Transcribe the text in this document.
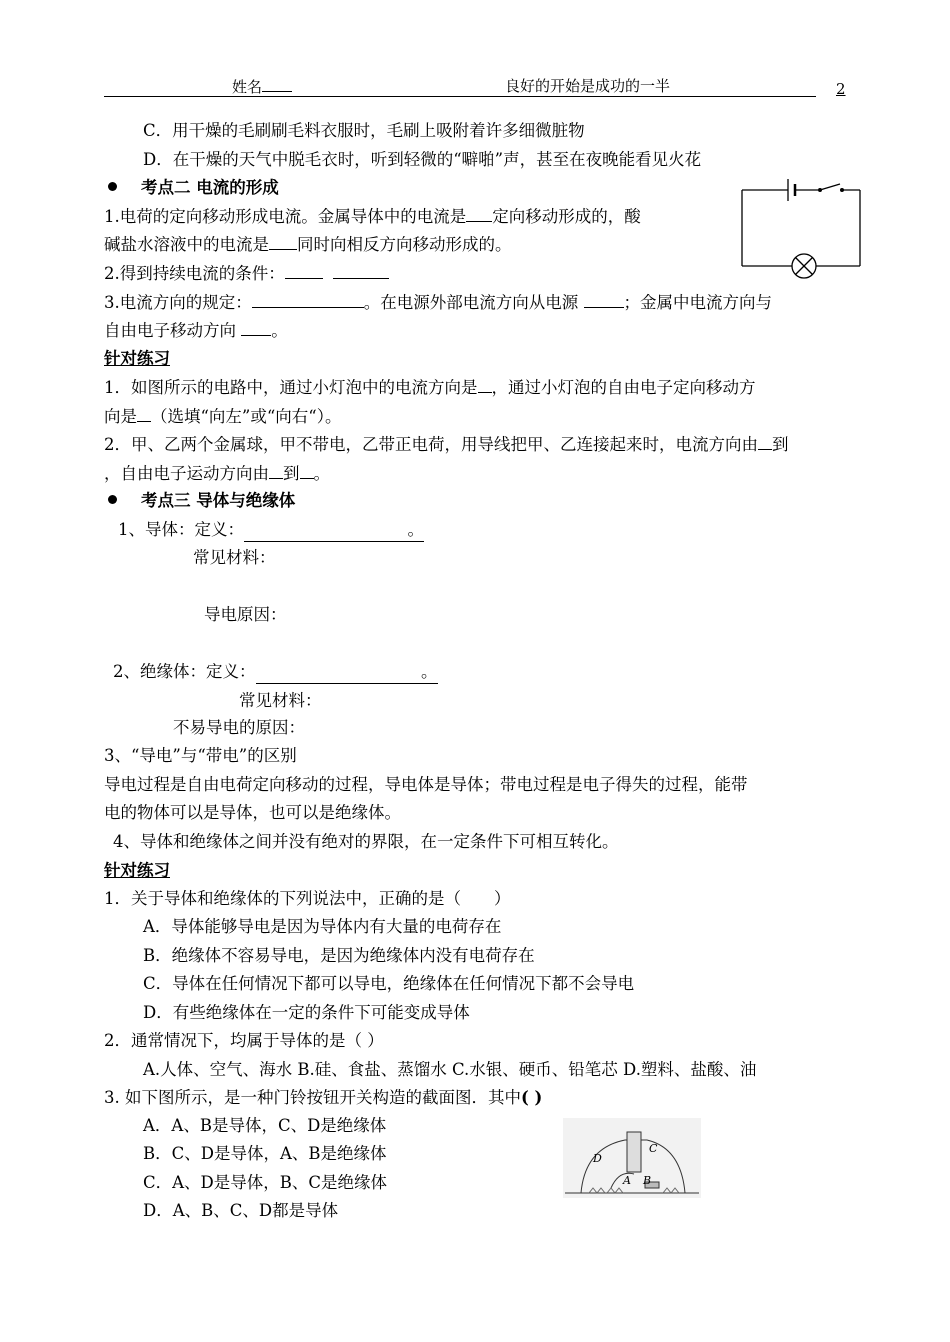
姓名	良好的开始是成功的一半	2
C．用干燥的毛刷刷毛料衣服时，毛刷上吸附着许多细微脏物
D．在干燥的天气中脱毛衣时，听到轻微的“噼啪”声，甚至在夜晚能看见火花
考点二 电流的形成
1.电荷的定向移动形成电流。金属导体中的电流是 定向移动形成的，酸
碱盐水溶液中的电流是 同时向相反方向移动形成的。
2.得到持续电流的条件：
3.电流方向的规定：	。在电源外部电流方向从电源	；金属中电流方向与
自由电子移动方向 。
针对练习
1．如图所示的电路中，通过小灯泡中的电流方向是 ，通过小灯泡的自由电子定向移动方
向是 （选填“向左”或“向右“）。
2．甲、乙两个金属球，甲不带电，乙带正电荷，用导线把甲、乙连接起来时，电流方向由 到
，自由电子运动方向由 到 。
考点三 导体与绝缘体
1、导体：定义：	。
常见材料：
导电原因：
2、绝缘体：定义：	。
常见材料：
不易导电的原因：
3、“导电”与“带电”的区别
导电过程是自由电荷定向移动的过程，导电体是导体；带电过程是电子得失的过程，能带
电的物体可以是导体，也可以是绝缘体。
4、导体和绝缘体之间并没有绝对的界限，在一定条件下可相互转化。
针对练习
1．关于导体和绝缘体的下列说法中，正确的是（　　）
A．导体能够导电是因为导体内有大量的电荷存在
B．绝缘体不容易导电，是因为绝缘体内没有电荷存在
C．导体在任何情况下都可以导电，绝缘体在任何情况下都不会导电
D．有些绝缘体在一定的条件下可能变成导体
2．通常情况下，均属于导体的是（ ）
A.人体、空气、海水 B.硅、食盐、蒸馏水 C.水银、硬币、铅笔芯 D.塑料、盐酸、油
3. 如下图所示，是一种门铃按钮开关构造的截面图．其中( )
A．A、B是导体，C、D是绝缘体
B．C、D是导体，A、B是绝缘体
C．A、D是导体，B、C是绝缘体
D．A、B、C、D都是导体
C
D
A B
